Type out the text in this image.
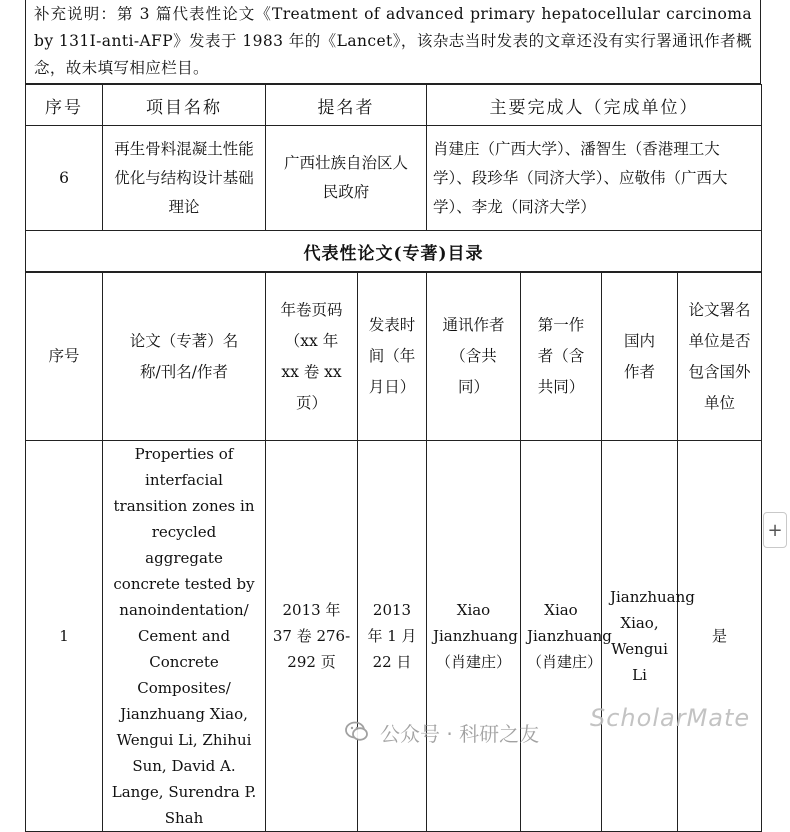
补充说明：第 3 篇代表性论文《Treatment of advanced primary hepatocellular carcinoma by 131I-anti-AFP》发表于 1983 年的《Lancet》，该杂志当时发表的文章还没有实行署通讯作者概念，故未填写相应栏目。
序号	项目名称	提名者	主要完成人（完成单位）
6	再生骨料混凝土性能优化与结构设计基础理论	广西壮族自治区人民政府	肖建庄（广西大学）、潘智生（香港理工大学）、段珍华（同济大学）、应敬伟（广西大学）、李龙（同济大学）
代表性论文(专著)目录			
序号	论文（专著）名称/刊名/作者	年卷页码（xx 年 xx 卷 xx 页）	发表时间（年月日）	通讯作者（含共同）	第一作者（含共同）	国内作者	论文署名单位是否包含国外单位
1	Properties of interfacial transition zones in recycled aggregate concrete tested by nanoindentation/ Cement and Concrete Composites/ Jianzhuang Xiao, Wengui Li, Zhihui Sun, David A. Lange, Surendra P. Shah	2013 年 37 卷 276-292 页	2013 年 1 月 22 日	Xiao Jianzhuang（肖建庄）	Xiao Jianzhuang（肖建庄）	Jianzhuang Xiao, Wengui Li	是
公众号 · 科研之友
ScholarMate
+
